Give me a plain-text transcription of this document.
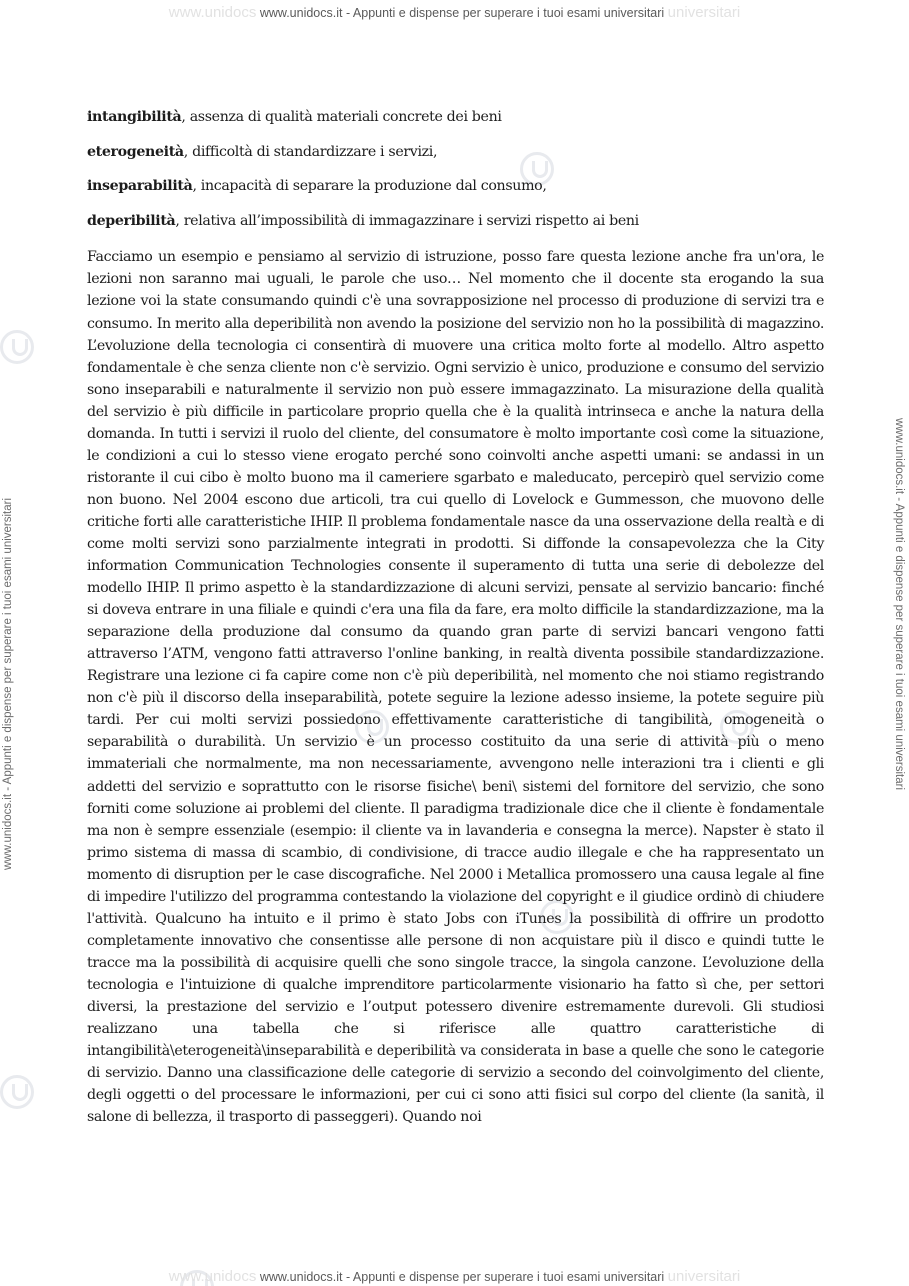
www.unidocs www.unidocs.it - Appunti e dispense per superare i tuoi esami universitari universitari
www.unidocs.it - Appunti e dispense per superare i tuoi esami universitari	www.unidocs.it - Appunti e dispense per superare i tuoi esami universitari

intangibilità, assenza di qualità materiali concrete dei beni

eterogeneità, difficoltà di standardizzare i servizi,

inseparabilità, incapacità di separare la produzione dal consumo,

deperibilità, relativa all’impossibilità di immagazzinare i servizi rispetto ai beni

Facciamo un esempio e pensiamo al servizio di istruzione, posso fare questa lezione anche fra un'ora, le lezioni non saranno mai uguali, le parole che uso… Nel momento che il docente sta erogando la sua lezione voi la state consumando quindi c'è una sovrapposizione nel processo di produzione di servizi tra e consumo. In merito alla deperibilità non avendo la posizione del servizio non ho la possibilità di magazzino. L’evoluzione della tecnologia ci consentirà di muovere una critica molto forte al modello. Altro aspetto fondamentale è che senza cliente non c'è servizio. Ogni servizio è unico, produzione e consumo del servizio sono inseparabili e naturalmente il servizio non può essere immagazzinato. La misurazione della qualità del servizio è più difficile in particolare proprio quella che è la qualità intrinseca e anche la natura della domanda. In tutti i servizi il ruolo del cliente, del consumatore è molto importante così come la situazione, le condizioni a cui lo stesso viene erogato perché sono coinvolti anche aspetti umani: se andassi in un ristorante il cui cibo è molto buono ma il cameriere sgarbato e maleducato, percepirò quel servizio come non buono. Nel 2004 escono due articoli, tra cui quello di Lovelock e Gummesson, che muovono delle critiche forti alle caratteristiche IHIP. Il problema fondamentale nasce da una osservazione della realtà e di come molti servizi sono parzialmente integrati in prodotti. Si diffonde la consapevolezza che la City information Communication Technologies consente il superamento di tutta una serie di debolezze del modello IHIP. Il primo aspetto è la standardizzazione di alcuni servizi, pensate al servizio bancario: finché si doveva entrare in una filiale e quindi c'era una fila da fare, era molto difficile la standardizzazione, ma la separazione della produzione dal consumo da quando gran parte di servizi bancari vengono fatti attraverso l’ATM, vengono fatti attraverso l'online banking, in realtà diventa possibile standardizzazione. Registrare una lezione ci fa capire come non c'è più deperibilità, nel momento che noi stiamo registrando non c'è più il discorso della inseparabilità, potete seguire la lezione adesso insieme, la potete seguire più tardi. Per cui molti servizi possiedono effettivamente caratteristiche di tangibilità, omogeneità o separabilità o durabilità. Un servizio è un processo costituito da una serie di attività più o meno immateriali che normalmente, ma non necessariamente, avvengono nelle interazioni tra i clienti e gli addetti del servizio e soprattutto con le risorse fisiche\ beni\ sistemi del fornitore del servizio, che sono forniti come soluzione ai problemi del cliente. Il paradigma tradizionale dice che il cliente è fondamentale ma non è sempre essenziale (esempio: il cliente va in lavanderia e consegna la merce). Napster è stato il primo sistema di massa di scambio, di condivisione, di tracce audio illegale e che ha rappresentato un momento di disruption per le case discografiche. Nel 2000 i Metallica promossero una causa legale al fine di impedire l'utilizzo del programma contestando la violazione del copyright e il giudice ordinò di chiudere l'attività. Qualcuno ha intuito e il primo è stato Jobs con iTunes la possibilità di offrire un prodotto completamente innovativo che consentisse alle persone di non acquistare più il disco e quindi tutte le tracce ma la possibilità di acquisire quelli che sono singole tracce, la singola canzone. L’evoluzione della tecnologia e l'intuizione di qualche imprenditore particolarmente visionario ha fatto sì che, per settori diversi, la prestazione del servizio e l’output potessero divenire estremamente durevoli. Gli studiosi realizzano una tabella che si riferisce alle quattro caratteristiche di intangibilità\eterogeneità\inseparabilità e deperibilità va considerata in base a quelle che sono le categorie di servizio. Danno una classificazione delle categorie di servizio a secondo del coinvolgimento del cliente, degli oggetti o del processare le informazioni, per cui ci sono atti fisici sul corpo del cliente (la sanità, il salone di bellezza, il trasporto di passeggeri). Quando noi

www.unidocs www.unidocs.it - Appunti e dispense per superare i tuoi esami universitari universitari
